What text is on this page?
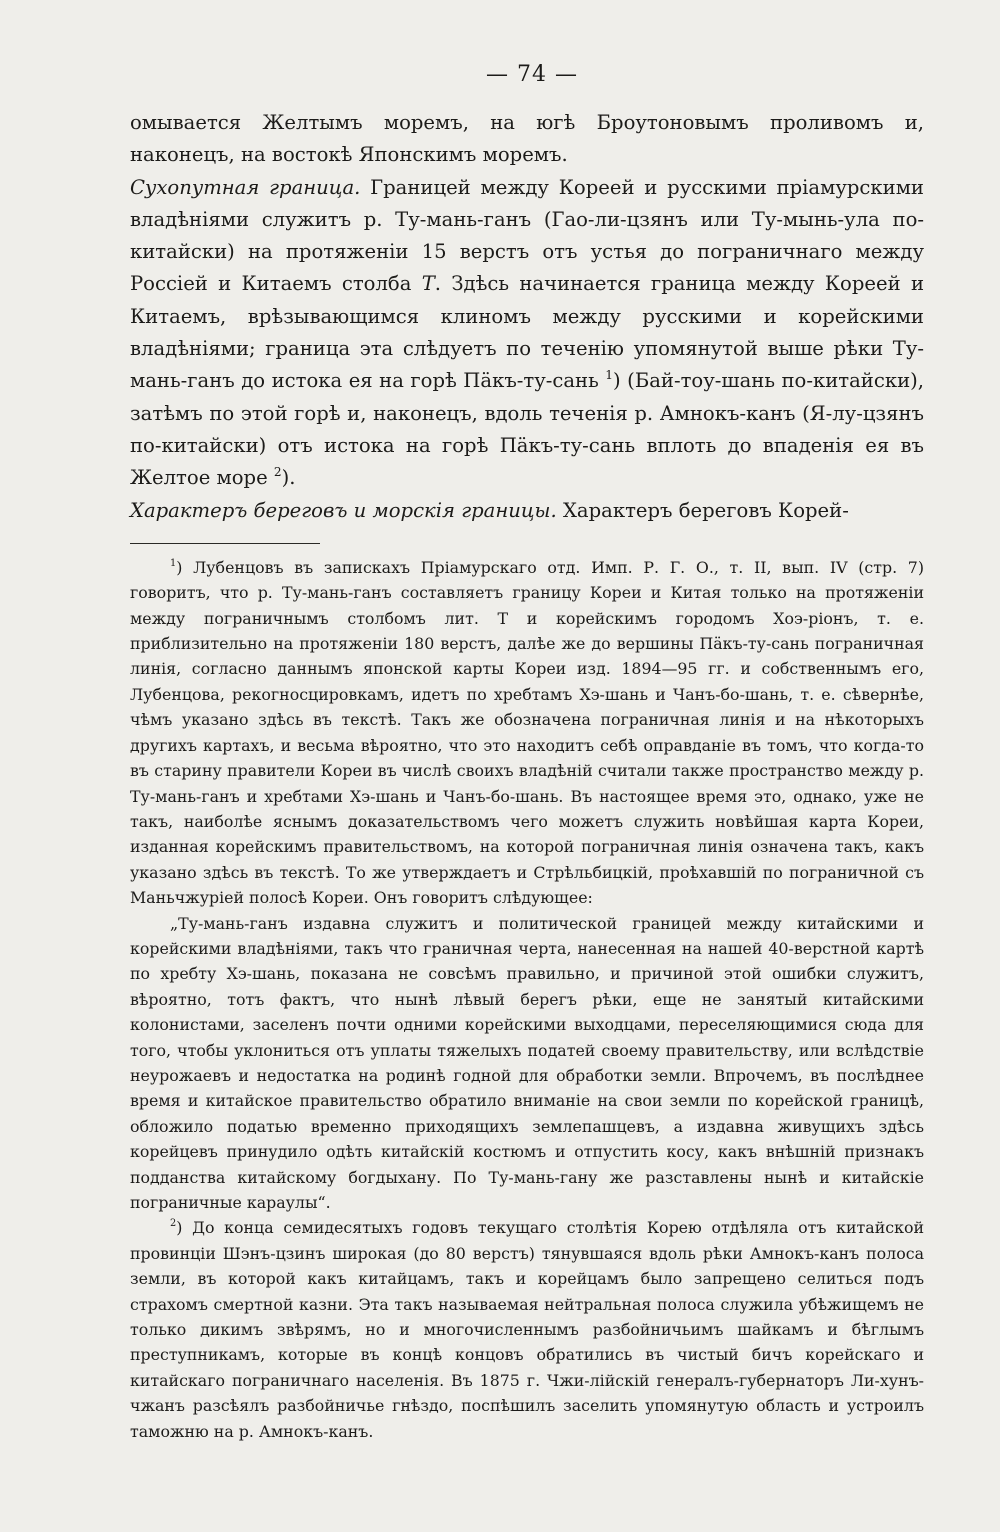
— 74 —

омывается Желтымъ моремъ, на югѣ Броутоновымъ проливомъ и, наконецъ, на востокѣ Японскимъ моремъ.

Сухопутная граница. Границей между Кореей и русскими пріамурскими владѣніями служитъ р. Ту-мань-ганъ (Гао-ли-цзянъ или Ту-мынь-ула по-китайски) на протяженіи 15 верстъ отъ устья до пограничнаго между Россіей и Китаемъ столба Т. Здѣсь начинается граница между Кореей и Китаемъ, врѣзывающимся клиномъ между русскими и корейскими владѣніями; граница эта слѣдуетъ по теченію упомянутой выше рѣки Ту-мань-ганъ до истока ея на горѣ Пäкъ-ту-сань $^1$) (Бай-тоу-шань по-китайски), затѣмъ по этой горѣ и, наконецъ, вдоль теченія р. Амнокъ-канъ (Я-лу-цзянъ по-китайски) отъ истока на горѣ Пäкъ-ту-сань вплоть до впаденія ея въ Желтое море $^2$).

Характеръ береговъ и морскія границы. Характеръ береговъ Корей-

$^1$) Лубенцовъ въ запискахъ Пріамурскаго отд. Имп. Р. Г. О., т. II, вып. IV (стр. 7) говоритъ, что р. Ту-мань-ганъ составляетъ границу Кореи и Китая только на протяженіи между пограничнымъ столбомъ лит. Т и корейскимъ городомъ Хоэ-рiонъ, т. е. приблизительно на протяженіи 180 верстъ, далѣе же до вершины Пäкъ-ту-сань пограничная линія, согласно даннымъ японской карты Кореи изд. 1894—95 гг. и собственнымъ его, Лубенцова, рекогносцировкамъ, идетъ по хребтамъ Хэ-шань и Чанъ-бо-шань, т. е. сѣвернѣе, чѣмъ указано здѣсь въ текстѣ. Такъ же обозначена пограничная линія и на нѣкоторыхъ другихъ картахъ, и весьма вѣроятно, что это находитъ себѣ оправданіе въ томъ, что когда-то въ старину правители Кореи въ числѣ своихъ владѣній считали также пространство между р. Ту-мань-ганъ и хребтами Хэ-шань и Чанъ-бо-шань. Въ настоящее время это, однако, уже не такъ, наиболѣе яснымъ доказательствомъ чего можетъ служить новѣйшая карта Кореи, изданная корейскимъ правительствомъ, на которой пограничная линія означена такъ, какъ указано здѣсь въ текстѣ. То же утверждаетъ и Стрѣльбицкій, проѣхавшій по пограничной съ Маньчжуріей полосѣ Кореи. Онъ говоритъ слѣдующее:

„Ту-мань-ганъ издавна служитъ и политической границей между китайскими и корейскими владѣніями, такъ что граничная черта, нанесенная на нашей 40-верстной картѣ по хребту Хэ-шань, показана не совсѣмъ правильно, и причиной этой ошибки служитъ, вѣроятно, тотъ фактъ, что нынѣ лѣвый берегъ рѣки, еще не занятый китайскими колонистами, заселенъ почти одними корейскими выходцами, переселяющимися сюда для того, чтобы уклониться отъ уплаты тяжелыхъ податей своему правительству, или вслѣдствіе неурожаевъ и недостатка на родинѣ годной для обработки земли. Впрочемъ, въ послѣднее время и китайское правительство обратило вниманіе на свои земли по корейской границѣ, обложило податью временно приходящихъ землепашцевъ, а издавна живущихъ здѣсь корейцевъ принудило одѣть китайскій костюмъ и отпустить косу, какъ внѣшній признакъ подданства китайскому богдыхану. По Ту-мань-гану же разставлены нынѣ и китайскіе пограничные караулы“.

$^2$) До конца семидесятыхъ годовъ текущаго столѣтія Корею отдѣляла отъ китайской провинціи Шэнъ-цзинъ широкая (до 80 верстъ) тянувшаяся вдоль рѣки Амнокъ-канъ полоса земли, въ которой какъ китайцамъ, такъ и корейцамъ было запрещено селиться подъ страхомъ смертной казни. Эта такъ называемая нейтральная полоса служила убѣжищемъ не только дикимъ звѣрямъ, но и многочисленнымъ разбойничьимъ шайкамъ и бѣглымъ преступникамъ, которые въ концѣ концовъ обратились въ чистый бичъ корейскаго и китайскаго пограничнаго населенія. Въ 1875 г. Чжи-лійскій генералъ-губернаторъ Ли-хунъ-чжанъ разсѣялъ разбойничье гнѣздо, поспѣшилъ заселить упомянутую область и устроилъ таможню на р. Амнокъ-канъ.
